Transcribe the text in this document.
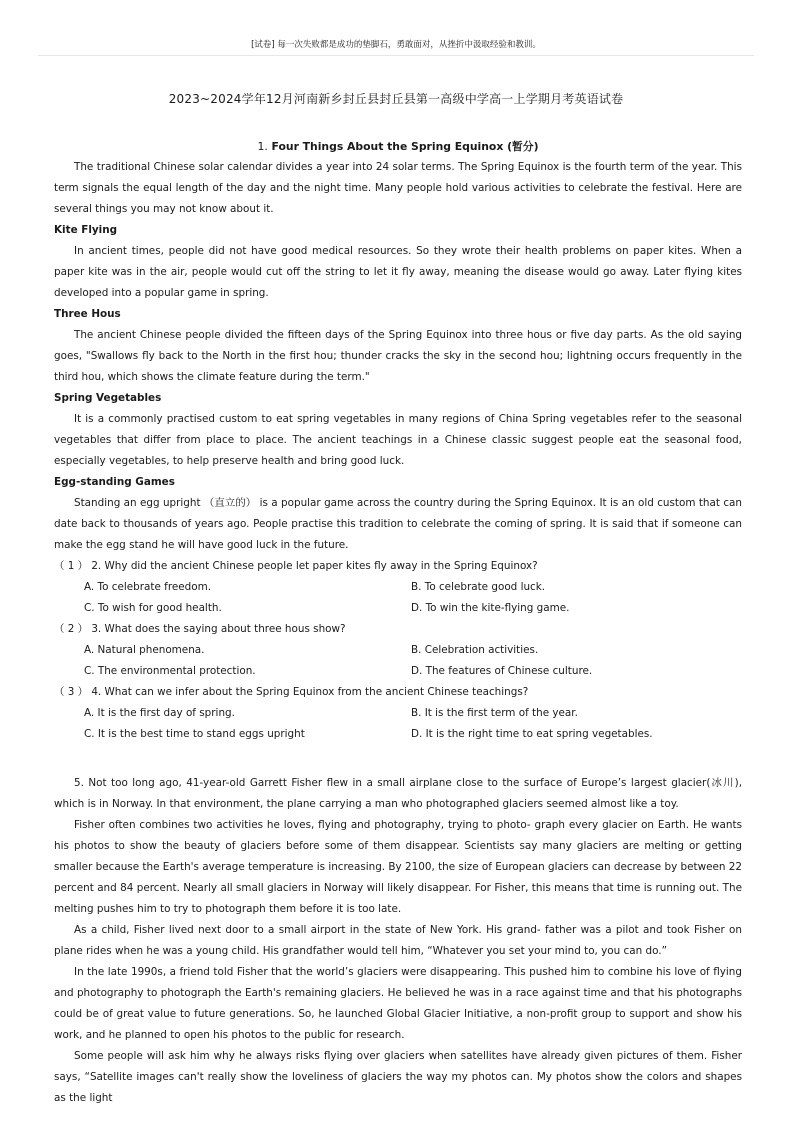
[试卷] 每一次失败都是成功的垫脚石，勇敢面对，从挫折中汲取经验和教训。
2023~2024学年12月河南新乡封丘县封丘县第一高级中学高一上学期月考英语试卷
1. Four Things About the Spring Equinox (暂分)

The traditional Chinese solar calendar divides a year into 24 solar terms. The Spring Equinox is the fourth term of the year. This term signals the equal length of the day and the night time. Many people hold various activities to celebrate the festival. Here are several things you may not know about it.

Kite Flying

In ancient times, people did not have good medical resources. So they wrote their health problems on paper kites. When a paper kite was in the air, people would cut off the string to let it fly away, meaning the disease would go away. Later flying kites developed into a popular game in spring.

Three Hous

The ancient Chinese people divided the fifteen days of the Spring Equinox into three hous or five day parts. As the old saying goes, "Swallows fly back to the North in the first hou; thunder cracks the sky in the second hou; lightning occurs frequently in the third hou, which shows the climate feature during the term."

Spring Vegetables

It is a commonly practised custom to eat spring vegetables in many regions of China Spring vegetables refer to the seasonal vegetables that differ from place to place. The ancient teachings in a Chinese classic suggest people eat the seasonal food, especially vegetables, to help preserve health and bring good luck.

Egg-standing Games

Standing an egg upright （直立的） is a popular game across the country during the Spring Equinox. It is an old custom that can date back to thousands of years ago. People practise this tradition to celebrate the coming of spring. It is said that if someone can make the egg stand he will have good luck in the future.

（ 1 ） 2. Why did the ancient Chinese people let paper kites fly away in the Spring Equinox?

A. To celebrate freedom.	B. To celebrate good luck.
C. To wish for good health.	D. To win the kite-flying game.

（ 2 ） 3. What does the saying about three hous show?

A. Natural phenomena.	B. Celebration activities.
C. The environmental protection.	D. The features of Chinese culture.

（ 3 ） 4. What can we infer about the Spring Equinox from the ancient Chinese teachings?

A. It is the first day of spring.	B. It is the first term of the year.
C. It is the best time to stand eggs upright	D. It is the right time to eat spring vegetables.

5. Not too long ago, 41-year-old Garrett Fisher flew in a small airplane close to the surface of Europe’s largest glacier(冰川), which is in Norway. In that environment, the plane carrying a man who photographed glaciers seemed almost like a toy.

Fisher often combines two activities he loves, flying and photography, trying to photo- graph every glacier on Earth. He wants his photos to show the beauty of glaciers before some of them disappear. Scientists say many glaciers are melting or getting smaller because the Earth's average temperature is increasing. By 2100, the size of European glaciers can decrease by between 22 percent and 84 percent. Nearly all small glaciers in Norway will likely disappear. For Fisher, this means that time is running out. The melting pushes him to try to photograph them before it is too late.

As a child, Fisher lived next door to a small airport in the state of New York. His grand- father was a pilot and took Fisher on plane rides when he was a young child. His grandfather would tell him, “Whatever you set your mind to, you can do.”

In the late 1990s, a friend told Fisher that the world’s glaciers were disappearing. This pushed him to combine his love of flying and photography to photograph the Earth's remaining glaciers. He believed he was in a race against time and that his photographs could be of great value to future generations. So, he launched Global Glacier Initiative, a non-profit group to support and show his work, and he planned to open his photos to the public for research.

Some people will ask him why he always risks flying over glaciers when satellites have already given pictures of them. Fisher says, “Satellite images can't really show the loveliness of glaciers the way my photos can. My photos show the colors and shapes as the light
